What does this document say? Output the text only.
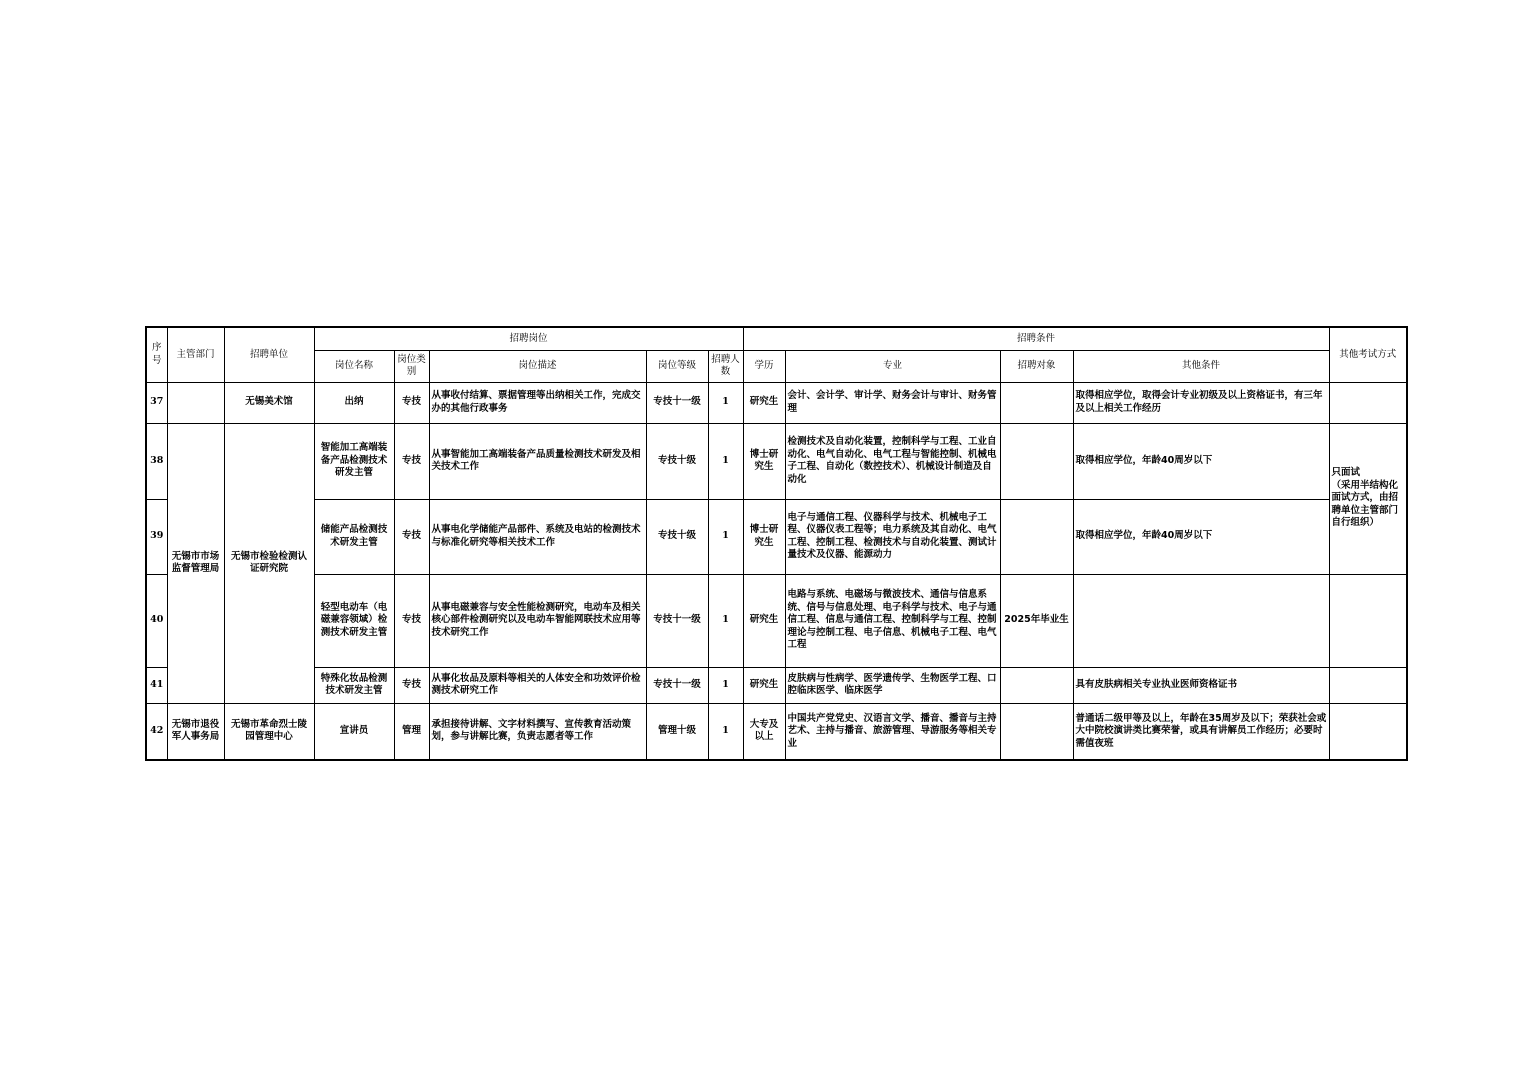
序号	主管部门	招聘单位	招聘岗位					招聘条件				其他考试方式
			岗位名称	岗位类别	岗位描述	岗位等级	招聘人数	学历	专业	招聘对象	其他条件	
37		无锡美术馆	出纳	专技	从事收付结算、票据管理等出纳相关工作，完成交办的其他行政事务	专技十一级	1	研究生	会计、会计学、审计学、财务会计与审计、财务管理		取得相应学位，取得会计专业初级及以上资格证书，有三年及以上相关工作经历	
38	无锡市市场监督管理局	无锡市检验检测认证研究院	智能加工高端装备产品检测技术研发主管	专技	从事智能加工高端装备产品质量检测技术研发及相关技术工作	专技十级	1	博士研究生	检测技术及自动化装置，控制科学与工程、工业自动化、电气自动化、电气工程与智能控制、机械电子工程、自动化（数控技术）、机械设计制造及自动化		取得相应学位，年龄40周岁以下	只面试
（采用半结构化面试方式，由招聘单位主管部门自行组织）

39			储能产品检测技术研发主管	专技	从事电化学储能产品部件、系统及电站的检测技术与标准化研究等相关技术工作	专技十级	1	博士研究生	电子与通信工程、仪器科学与技术、机械电子工程、仪器仪表工程等；电力系统及其自动化、电气工程、控制工程、检测技术与自动化装置、测试计量技术及仪器、能源动力		取得相应学位，年龄40周岁以下	
40			轻型电动车（电磁兼容领域）检测技术研发主管	专技	从事电磁兼容与安全性能检测研究，电动车及相关核心部件检测研究以及电动车智能网联技术应用等技术研究工作	专技十一级	1	研究生	电路与系统、电磁场与微波技术、通信与信息系统、信号与信息处理、电子科学与技术、电子与通信工程、信息与通信工程、控制科学与工程、控制理论与控制工程、电子信息、机械电子工程、电气工程	2025年毕业生		
41			特殊化妆品检测技术研发主管	专技	从事化妆品及原料等相关的人体安全和功效评价检测技术研究工作	专技十一级	1	研究生	皮肤病与性病学、医学遗传学、生物医学工程、口腔临床医学、临床医学		具有皮肤病相关专业执业医师资格证书	
42	无锡市退役军人事务局	无锡市革命烈士陵园管理中心	宣讲员	管理	承担接待讲解、文字材料撰写、宣传教育活动策划，参与讲解比赛，负责志愿者等工作	管理十级	1	大专及以上	中国共产党党史、汉语言文学、播音、播音与主持艺术、主持与播音、旅游管理、导游服务等相关专业		普通话二级甲等及以上，年龄在35周岁及以下；荣获社会或大中院校演讲类比赛荣誉，或具有讲解员工作经历；必要时需值夜班	
